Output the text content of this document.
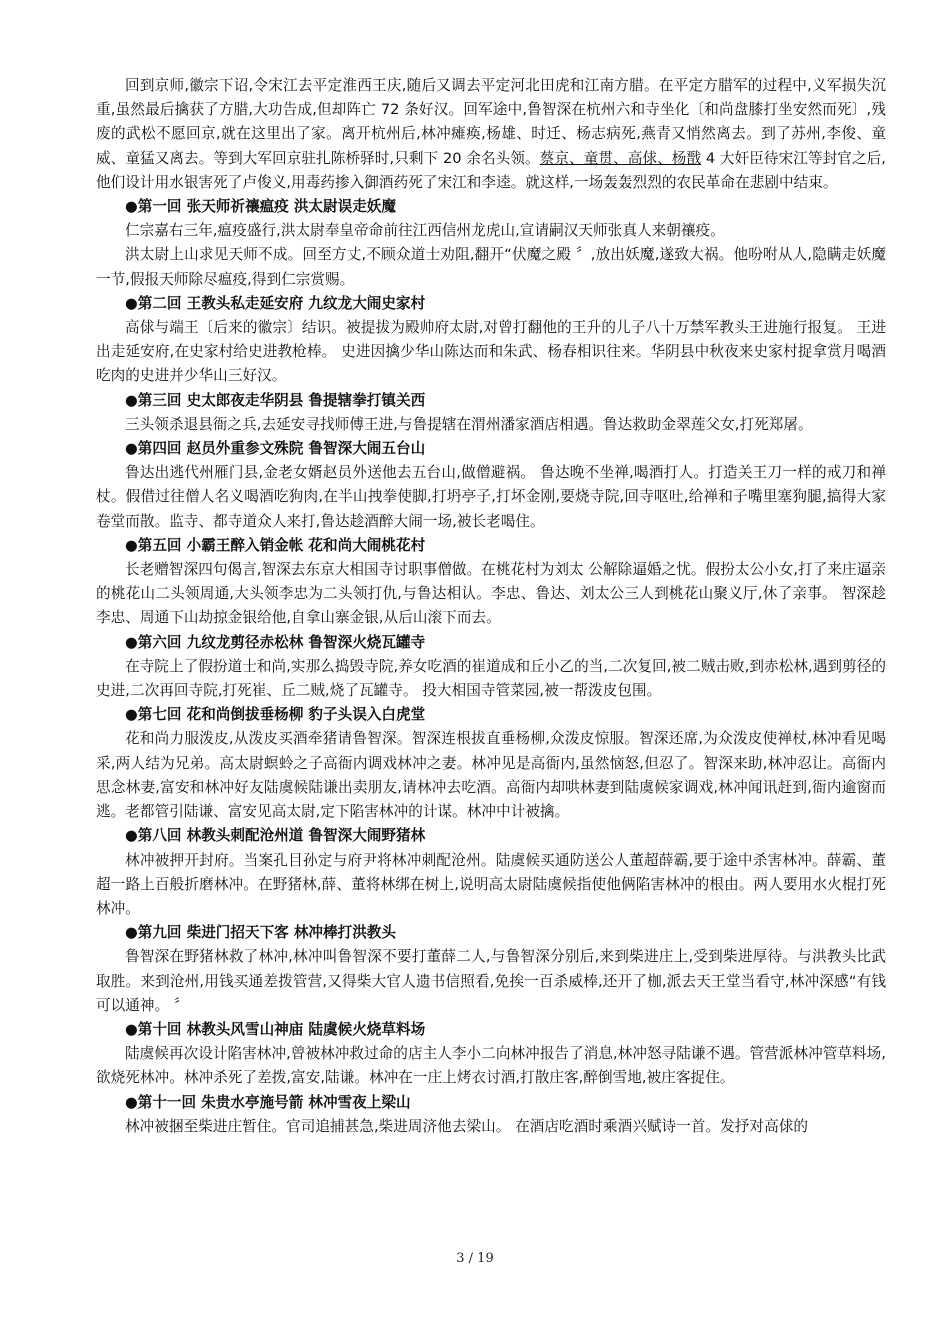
回到京师,徽宗下诏,令宋江去平定淮西王庆,随后又调去平定河北田虎和江南方腊。在平定方腊军的过程中,义军损失沉重,虽然最后擒获了方腊,大功告成,但却阵亡 72 条好汉。回军途中,鲁智深在杭州六和寺坐化〔和尚盘膝打坐安然而死〕,残废的武松不愿回京,就在这里出了家。离开杭州后,林冲瘫痪,杨雄、时迁、杨志病死,燕青又悄然离去。到了苏州,李俊、童威、童猛又离去。等到大军回京驻扎陈桥驿时,只剩下 20 余名头领。蔡京、童贯、高俅、杨戬 4 大奸臣待宋江等封官之后,他们设计用水银害死了卢俊义,用毒药掺入御酒药死了宋江和李逵。就这样,一场轰轰烈烈的农民革命在悲剧中结束。

●第一回 张天师祈禳瘟疫 洪太尉误走妖魔

仁宗嘉右三年,瘟疫盛行,洪太尉奉皇帝命前往江西信州龙虎山,宣请嗣汉天师张真人来朝禳疫。

洪太尉上山求见天师不成。回至方丈,不顾众道士劝阻,翻开“伏魔之殿 〞,放出妖魔,遂致大祸。他吩咐从人,隐瞒走妖魔一节,假报天师除尽瘟疫,得到仁宗赏赐。

●第二回 王教头私走延安府 九纹龙大闹史家村

高俅与端王〔后来的徽宗〕结识。被提拔为殿帅府太尉,对曾打翻他的王升的儿子八十万禁军教头王进施行报复。 王进出走延安府,在史家村给史进教枪棒。 史进因擒少华山陈达而和朱武、杨春相识往来。华阴县中秋夜来史家村捉拿赏月喝酒吃肉的史进并少华山三好汉。

●第三回 史太郎夜走华阴县 鲁提辖拳打镇关西

三头领杀退县衙之兵,去延安寻找师傅王进,与鲁提辖在渭州潘家酒店相遇。鲁达救助金翠莲父女,打死郑屠。

●第四回 赵员外重参文殊院 鲁智深大闹五台山

鲁达出逃代州雁门县,金老女婿赵员外送他去五台山,做僧避祸。 鲁达晚不坐禅,喝酒打人。打造关王刀一样的戒刀和禅杖。假借过往僧人名义喝酒吃狗肉,在半山拽拳使脚,打坍亭子,打坏金刚,要烧寺院,回寺呕吐,给禅和子嘴里塞狗腿,搞得大家卷堂而散。监寺、都寺道众人来打,鲁达趁酒醉大闹一场,被长老喝住。

●第五回 小霸王醉入销金帐 花和尚大闹桃花村

长老赠智深四句偈言,智深去东京大相国寺讨职事僧做。在桃花村为刘太 公解除逼婚之忧。假扮太公小女,打了来庄逼亲的桃花山二头领周通,大头领李忠为二头领打仇,与鲁达相认。李忠、鲁达、刘太公三人到桃花山聚义厅,休了亲事。 智深趁李忠、周通下山劫掠金银给他,自拿山寨金银,从后山滚下而去。

●第六回 九纹龙剪径赤松林 鲁智深火烧瓦罐寺

在寺院上了假扮道士和尚,实那么捣毁寺院,养女吃酒的崔道成和丘小乙的当,二次复回,被二贼击败,到赤松林,遇到剪径的史进,二次再回寺院,打死崔、丘二贼,烧了瓦罐寺。 投大相国寺管菜园,被一帮泼皮包围。

●第七回 花和尚倒拔垂杨柳 豹子头误入白虎堂

花和尚力服泼皮,从泼皮买酒牵猪请鲁智深。智深连根拔直垂杨柳,众泼皮惊服。智深还席,为众泼皮使禅杖,林冲看见喝采,两人结为兄弟。高太尉螟蛉之子高衙内调戏林冲之妻。林冲见是高衙内,虽然恼怒,但忍了。智深来助,林冲忍让。高衙内思念林妻,富安和林冲好友陆虞候陆谦出卖朋友,请林冲去吃酒。高衙内却哄林妻到陆虞候家调戏,林冲闻讯赶到,衙内逾窗而逃。老都管引陆谦、富安见高太尉,定下陷害林冲的计谋。林冲中计被擒。

●第八回 林教头刺配沧州道 鲁智深大闹野猪林

林冲被押开封府。当案孔目孙定与府尹将林冲刺配沧州。陆虞候买通防送公人董超薛霸,要于途中杀害林冲。薛霸、董超一路上百般折磨林冲。在野猪林,薛、董将林绑在树上,说明高太尉陆虞候指使他俩陷害林冲的根由。两人要用水火棍打死林冲。

●第九回 柴进门招天下客 林冲棒打洪教头

鲁智深在野猪林救了林冲,林冲叫鲁智深不要打董薛二人,与鲁智深分别后,来到柴进庄上,受到柴进厚待。与洪教头比武取胜。来到沧州,用钱买通差拨管营,又得柴大官人遗书信照看,免挨一百杀威棒,还开了枷,派去天王堂当看守,林冲深感“有钱可以通神。 〞

●第十回 林教头风雪山神庙 陆虞候火烧草料场

陆虞候再次设计陷害林冲,曾被林冲救过命的店主人李小二向林冲报告了消息,林冲怒寻陆谦不遇。管营派林冲管草料场,欲烧死林冲。林冲杀死了差拨,富安,陆谦。林冲在一庄上烤衣讨酒,打散庄客,醉倒雪地,被庄客捉住。

●第十一回 朱贵水亭施号箭 林冲雪夜上梁山

林冲被捆至柴进庄暂住。官司追捕甚急,柴进周济他去梁山。 在酒店吃酒时乘酒兴赋诗一首。发抒对高俅的

3 / 19
